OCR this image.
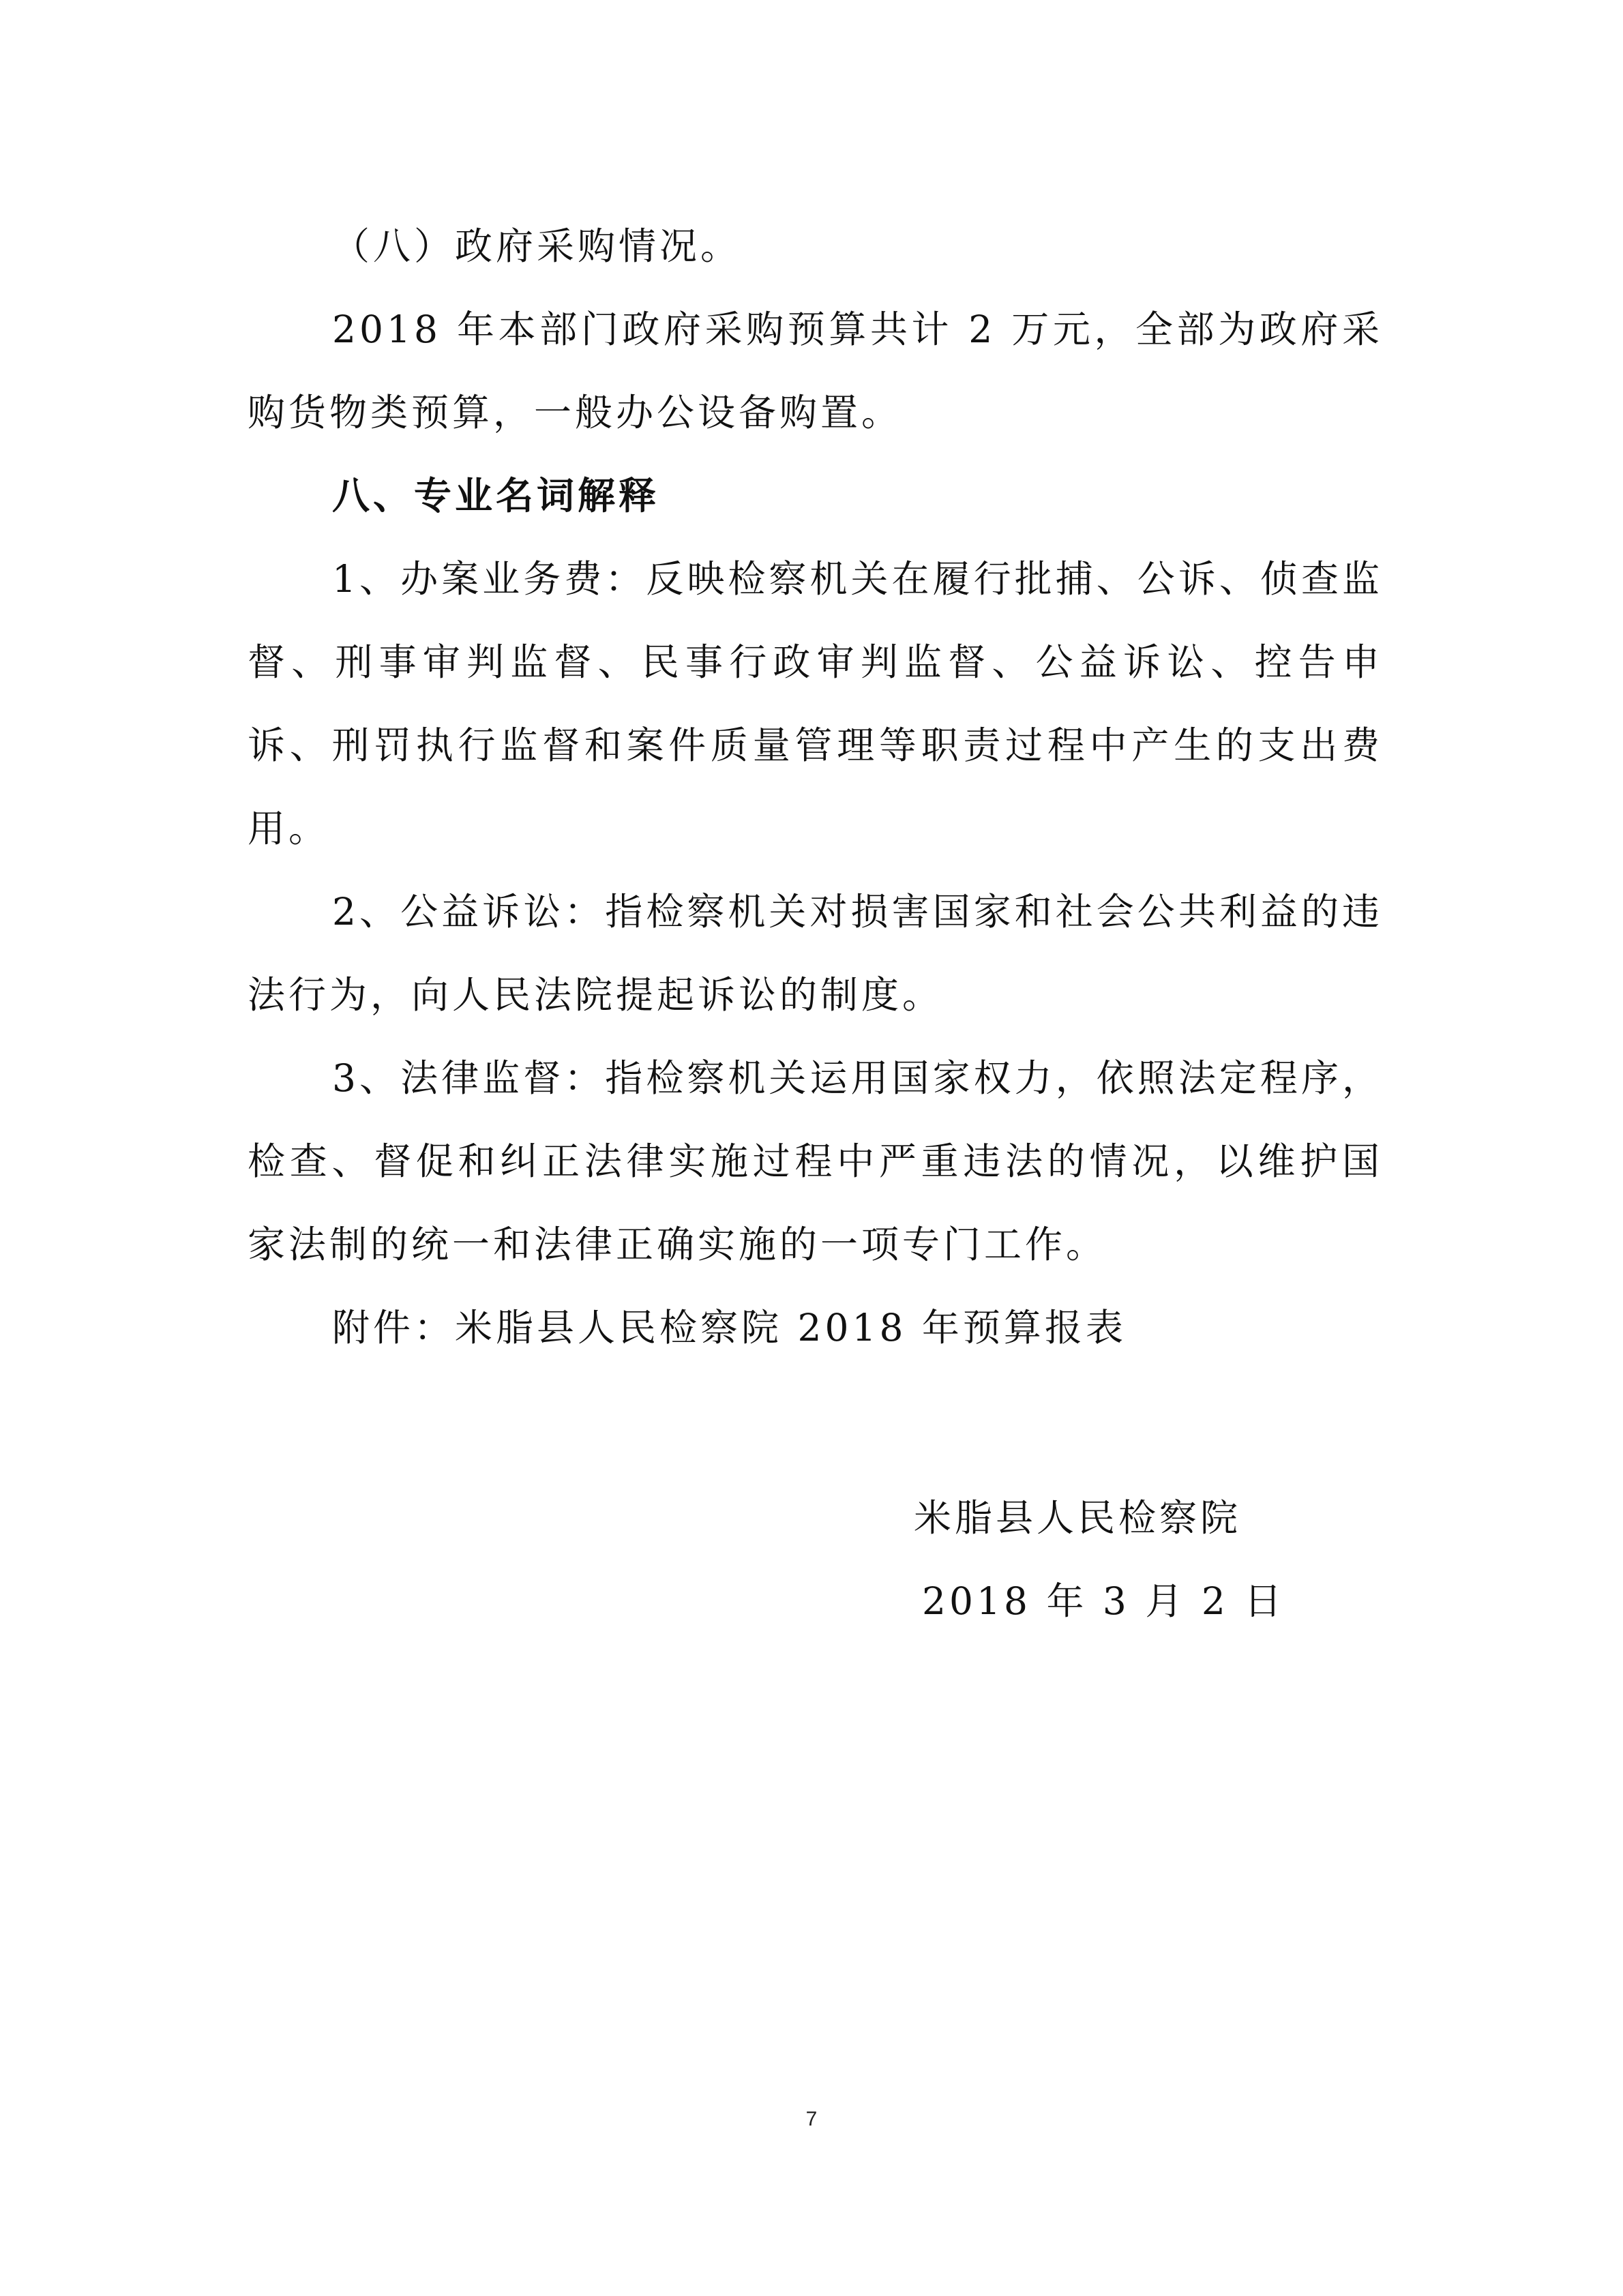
（八）政府采购情况。

2018 年本部门政府采购预算共计 2 万元，全部为政府采购货物类预算，一般办公设备购置。

八、专业名词解释

1、办案业务费：反映检察机关在履行批捕、公诉、侦查监督、刑事审判监督、民事行政审判监督、公益诉讼、控告申诉、刑罚执行监督和案件质量管理等职责过程中产生的支出费用。

2、公益诉讼：指检察机关对损害国家和社会公共利益的违法行为，向人民法院提起诉讼的制度。

3、法律监督：指检察机关运用国家权力，依照法定程序，检查、督促和纠正法律实施过程中严重违法的情况，以维护国家法制的统一和法律正确实施的一项专门工作。

附件：米脂县人民检察院 2018 年预算报表

米脂县人民检察院
2018 年 3 月 2 日
7
